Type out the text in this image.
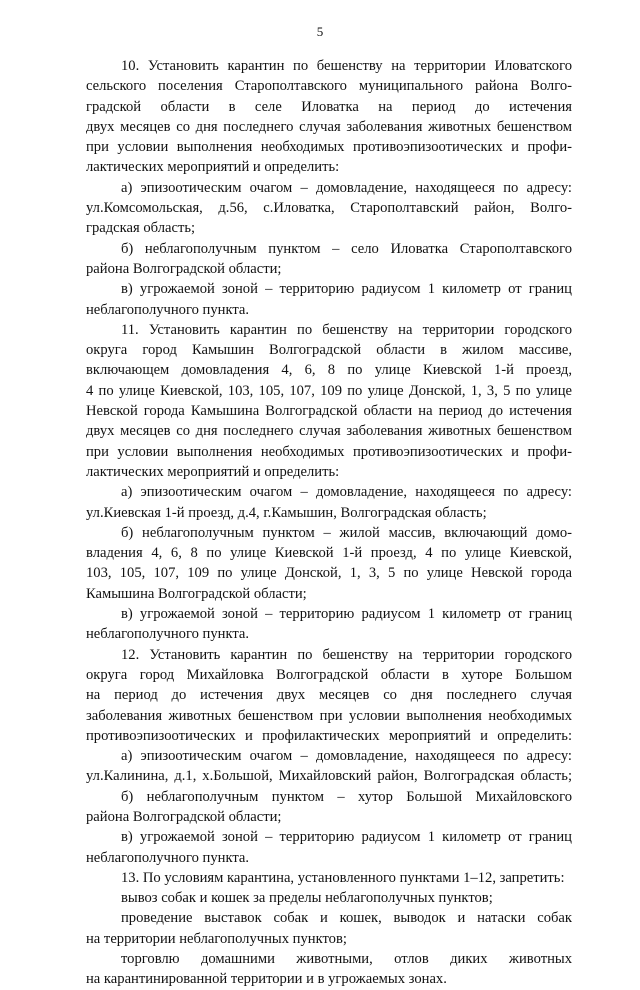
5
10. Установить карантин по бешенству на территории Иловатского
сельского поселения Старополтавского муниципального района Волго-
градской области в селе Иловатка на период до истечения
двух месяцев со дня последнего случая заболевания животных бешенством
при условии выполнения необходимых противоэпизоотических и профи-
лактических мероприятий и определить:
а) эпизоотическим очагом – домовладение, находящееся по адресу:
ул.Комсомольская, д.56, с.Иловатка, Старополтавский район, Волго-
градская область;
б) неблагополучным пунктом – село Иловатка Старополтавского
района Волгоградской области;
в) угрожаемой зоной – территорию радиусом 1 километр от границ
неблагополучного пункта.
11. Установить карантин по бешенству на территории городского
округа город Камышин Волгоградской области в жилом массиве,
включающем домовладения 4, 6, 8 по улице Киевской 1-й проезд,
4 по улице Киевской, 103, 105, 107, 109 по улице Донской, 1, 3, 5 по улице
Невской города Камышина Волгоградской области на период до истечения
двух месяцев со дня последнего случая заболевания животных бешенством
при условии выполнения необходимых противоэпизоотических и профи-
лактических мероприятий и определить:
а) эпизоотическим очагом – домовладение, находящееся по адресу:
ул.Киевская 1-й проезд, д.4, г.Камышин, Волгоградская область;
б) неблагополучным пунктом – жилой массив, включающий домо-
владения 4, 6, 8 по улице Киевской 1-й проезд, 4 по улице Киевской,
103, 105, 107, 109 по улице Донской, 1, 3, 5 по улице Невской города
Камышина Волгоградской области;
в) угрожаемой зоной – территорию радиусом 1 километр от границ
неблагополучного пункта.
12. Установить карантин по бешенству на территории городского
округа город Михайловка Волгоградской области в хуторе Большом
на период до истечения двух месяцев со дня последнего случая
заболевания животных бешенством при условии выполнения необходимых
противоэпизоотических и профилактических мероприятий и определить:
а) эпизоотическим очагом – домовладение, находящееся по адресу:
ул.Калинина, д.1, х.Большой, Михайловский район, Волгоградская область;
б) неблагополучным пунктом – хутор Большой Михайловского
района Волгоградской области;
в) угрожаемой зоной – территорию радиусом 1 километр от границ
неблагополучного пункта.
13. По условиям карантина, установленного пунктами 1–12, запретить:
вывоз собак и кошек за пределы неблагополучных пунктов;
проведение выставок собак и кошек, выводок и натаски собак
на территории неблагополучных пунктов;
торговлю домашними животными, отлов диких животных
на карантинированной территории и в угрожаемых зонах.
